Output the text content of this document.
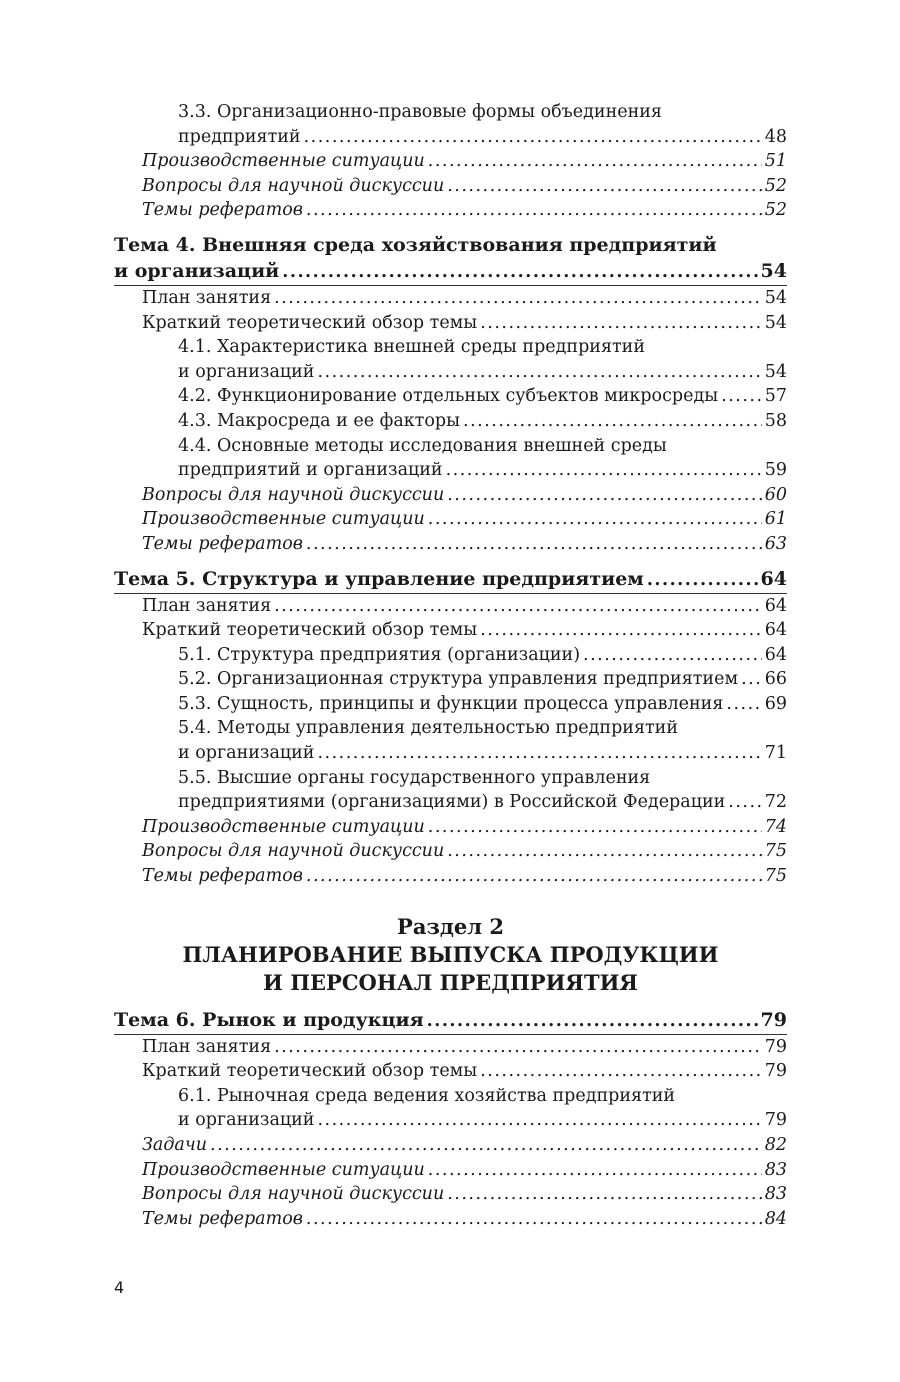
3.3. Организационно-правовые формы объединения
предприятий .....	48
Производственные ситуации .....	51
Вопросы для научной дискуссии .....	52
Темы рефератов .....	52
Тема 4. Внешняя среда хозяйствования предприятий
и организаций .....	54
План занятия .....	54
Краткий теоретический обзор темы .....	54
4.1. Характеристика внешней среды предприятий
и организаций .....	54
4.2. Функционирование отдельных субъектов микросреды .....	57
4.3. Макросреда и ее факторы .....	58
4.4. Основные методы исследования внешней среды
предприятий и организаций .....	59
Вопросы для научной дискуссии .....	60
Производственные ситуации .....	61
Темы рефератов .....	63
Тема 5. Структура и управление предприятием .....	64
План занятия .....	64
Краткий теоретический обзор темы .....	64
5.1. Структура предприятия (организации) .....	64
5.2. Организационная структура управления предприятием ..... 66
5.3. Сущность, принципы и функции процесса управления ..... 69
5.4. Методы управления деятельностью предприятий
и организаций .....	71
5.5. Высшие органы государственного управления
предприятиями (организациями) в Российской Федерации ..... 72
Производственные ситуации .....	74
Вопросы для научной дискуссии .....	75
Темы рефератов .....	75
Раздел 2
ПЛАНИРОВАНИЕ ВЫПУСКА ПРОДУКЦИИ
И ПЕРСОНАЛ ПРЕДПРИЯТИЯ
Тема 6. Рынок и продукция .....	79
План занятия .....	79
Краткий теоретический обзор темы .....	79
6.1. Рыночная среда ведения хозяйства предприятий
и организаций .....	79
Задачи .....	82
Производственные ситуации .....	83
Вопросы для научной дискуссии .....	83
Темы рефератов .....	84
4
